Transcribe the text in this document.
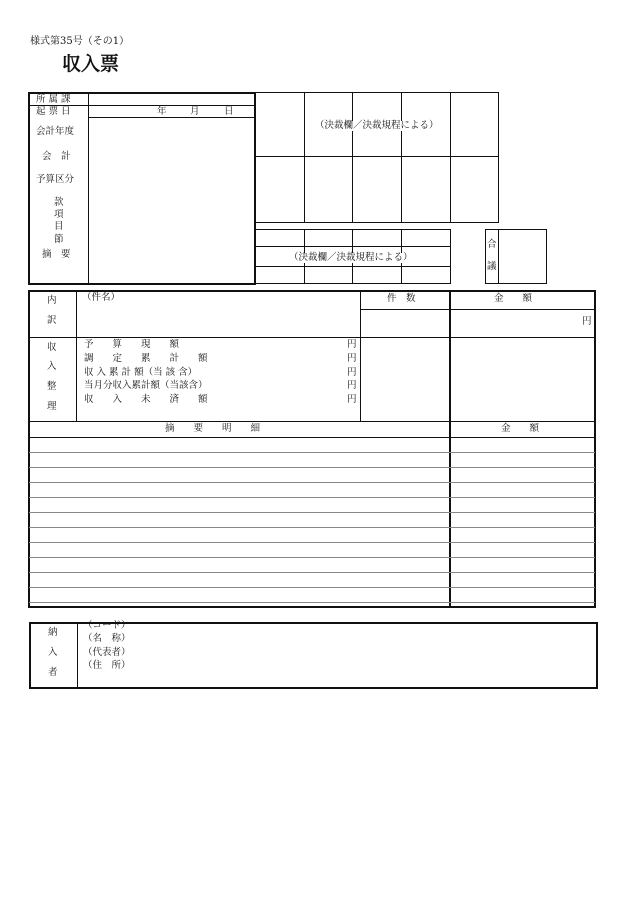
様式第35号（その1）
収入票
所 属 課
起 票 日	年 月	日
会計年度
会　計
予算区分
款
項
目
節
摘　要
（決裁欄／決裁規程による）
（決裁欄／決裁規程による）
合
議
内
訳
（件名）	件　数	金　　額
円
収
入
整
理
予　　算　　現　　額	円
調　　定　　累　　計　　額	円
収 入 累 計 額（当 該 含）	円
当月分収入累計額（当該含）	円
収　　入　　未　　済　　額	円
摘　　要　　明　　細	金　　額
納
入
者
（コード）
（名　称）
（代表者）
（住　所）
